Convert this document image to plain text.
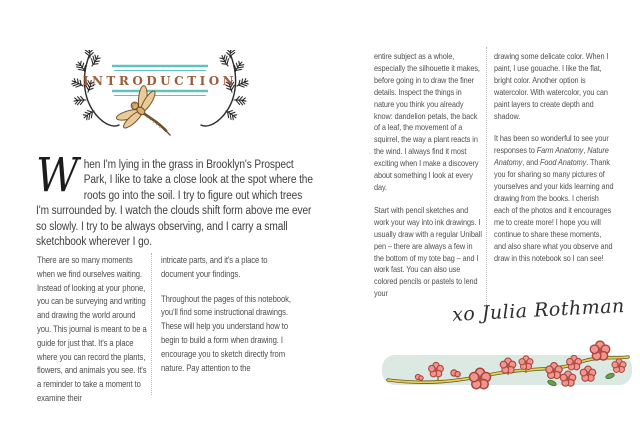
INTRODUCTION

When I'm lying in the grass in Brooklyn's Prospect Park, I like to take a close look at the spot where the roots go into the soil. I try to figure out which trees I'm surrounded by. I watch the clouds shift form above me ever so slowly. I try to be always observing, and I carry a small sketchbook wherever I go.

There are so many moments when we find ourselves waiting. Instead of looking at your phone, you can be surveying and writing and drawing the world around you. This journal is meant to be a guide for just that. It's a place where you can record the plants, flowers, and animals you see. It's a reminder to take a moment to examine their

intricate parts, and it's a place to document your findings.

Throughout the pages of this notebook, you'll find some instructional drawings. These will help you understand how to begin to build a form when drawing. I encourage you to sketch directly from nature. Pay attention to the

entire subject as a whole, especially the silhouette it makes, before going in to draw the finer details. Inspect the things in nature you think you already know: dandelion petals, the back of a leaf, the movement of a squirrel, the way a plant reacts in the wind. I always find it most exciting when I make a discovery about something I look at every day.

Start with pencil sketches and work your way into ink drawings. I usually draw with a regular Uniball pen – there are always a few in the bottom of my tote bag – and I work fast. You can also use colored pencils or pastels to lend your

drawing some delicate color. When I paint, I use gouache. I like the flat, bright color. Another option is watercolor. With watercolor, you can paint layers to create depth and shadow.

It has been so wonderful to see your responses to Farm Anatomy, Nature Anatomy, and Food Anatomy. Thank you for sharing so many pictures of yourselves and your kids learning and drawing from the books. I cherish each of the photos and it encourages me to create more! I hope you will continue to share these moments, and also share what you observe and draw in this notebook so I can see!

xo Julia Rothman
